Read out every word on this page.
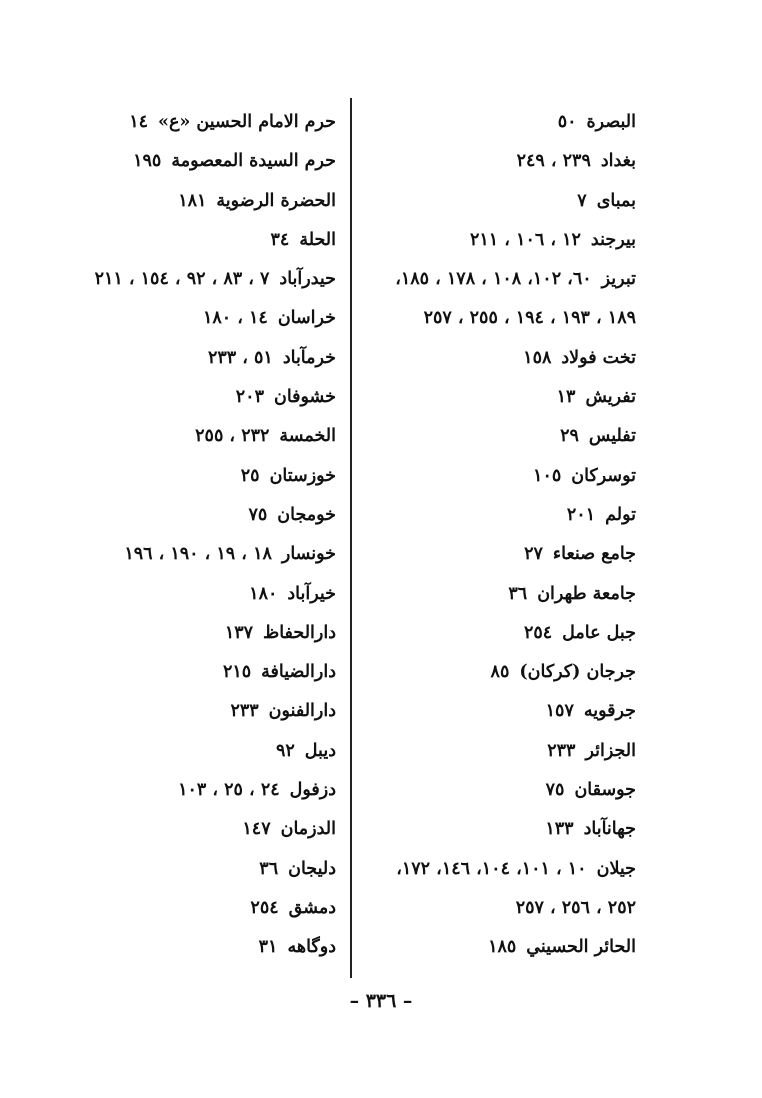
البصرة٥٠
بغداد٢٣٩ ، ٢٤٩
بمباى٧
بيرجند١٢ ، ١٠٦ ، ٢١١
تبريز٦٠، ١٠٢، ١٠٨ ، ١٧٨ ، ١٨٥،
١٨٩ ، ١٩٣ ، ١٩٤ ، ٢٥٥ ، ٢٥٧
تخت فولاد١٥٨
تفريش١٣
تفليس٢٩
توسركان١٠٥
تولم٢٠١
جامع صنعاء٢٧
جامعة طهران٣٦
جبل عامل٢٥٤
جرجان (كركان)٨٥
جرقويه١٥٧
الجزائر٢٣٣
جوسقان٧٥
جهانآباد١٣٣
جيلان١٠ ، ١٠١، ١٠٤، ١٤٦، ١٧٢،
٢٥٢ ، ٢٥٦ ، ٢٥٧
الحائر الحسيني١٨٥
حرم الامام الحسين «ع»١٤
حرم السيدة المعصومة١٩٥
الحضرة الرضوية١٨١
الحلة٣٤
حيدرآباد٧ ، ٨٣ ، ٩٢ ، ١٥٤ ، ٢١١
خراسان١٤ ، ١٨٠
خرمآباد٥١ ، ٢٣٣
خشوفان٢٠٣
الخمسة٢٣٢ ، ٢٥٥
خوزستان٢٥
خومجان٧٥
خونسار١٨ ، ١٩ ، ١٩٠ ، ١٩٦
خيرآباد١٨٠
دارالحفاظ١٣٧
دارالضيافة٢١٥
دارالفنون٢٣٣
ديبل٩٢
دزفول٢٤ ، ٢٥ ، ١٠٣
الدزمان١٤٧
دليجان٣٦
دمشق٢٥٤
دوگاهه٣١
– ٣٣٦ –
